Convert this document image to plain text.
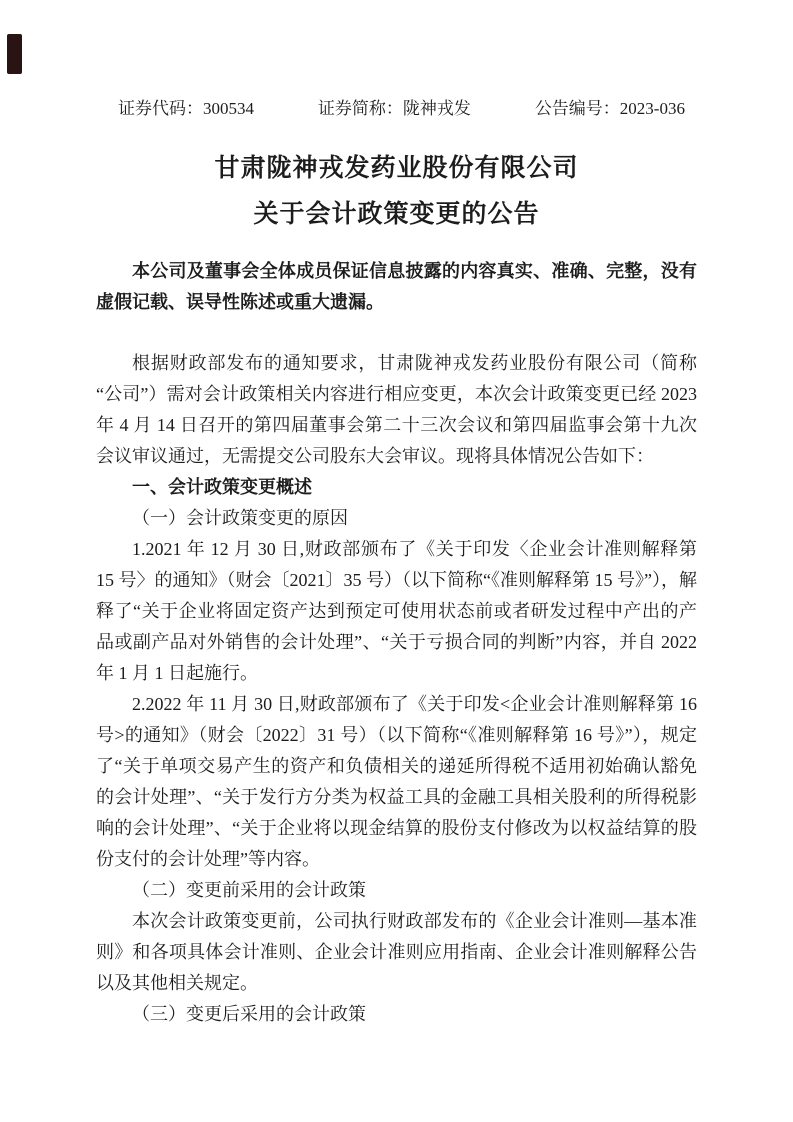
证券代码：300534	证券简称：陇神戎发	公告编号：2023-036
甘肃陇神戎发药业股份有限公司
关于会计政策变更的公告

本公司及董事会全体成员保证信息披露的内容真实、准确、完整，没有虚假记载、误导性陈述或重大遗漏。

根据财政部发布的通知要求，甘肃陇神戎发药业股份有限公司（简称“公司”）需对会计政策相关内容进行相应变更，本次会计政策变更已经 2023 年 4 月 14 日召开的第四届董事会第二十三次会议和第四届监事会第十九次会议审议通过，无需提交公司股东大会审议。现将具体情况公告如下：

一、会计政策变更概述

（一）会计政策变更的原因

1.2021 年 12 月 30 日,财政部颁布了《关于印发〈企业会计准则解释第 15 号〉的通知》（财会〔2021〕35 号）（以下简称“《准则解释第 15 号》”），解释了“关于企业将固定资产达到预定可使用状态前或者研发过程中产出的产品或副产品对外销售的会计处理”、“关于亏损合同的判断”内容，并自 2022 年 1 月 1 日起施行。

2.2022 年 11 月 30 日,财政部颁布了《关于印发<企业会计准则解释第 16 号>的通知》（财会〔2022〕31 号）（以下简称“《准则解释第 16 号》”），规定了“关于单项交易产生的资产和负债相关的递延所得税不适用初始确认豁免的会计处理”、“关于发行方分类为权益工具的金融工具相关股利的所得税影响的会计处理”、“关于企业将以现金结算的股份支付修改为以权益结算的股份支付的会计处理”等内容。

（二）变更前采用的会计政策

本次会计政策变更前，公司执行财政部发布的《企业会计准则—基本准则》和各项具体会计准则、企业会计准则应用指南、企业会计准则解释公告以及其他相关规定。

（三）变更后采用的会计政策
